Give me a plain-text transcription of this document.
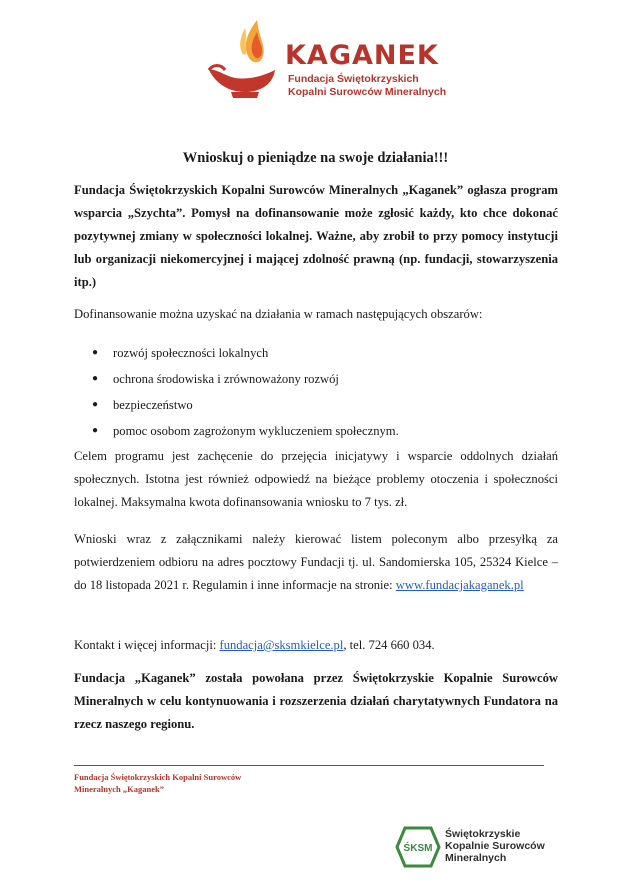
KAGANEK
Fundacja Świętokrzyskich
Kopalni Surowców Mineralnych
Wnioskuj o pieniądze na swoje działania!!!

Fundacja Świętokrzyskich Kopalni Surowców Mineralnych „Kaganek” ogłasza program wsparcia „Szychta”. Pomysł na dofinansowanie może zgłosić każdy, kto chce dokonać pozytywnej zmiany w społeczności lokalnej. Ważne, aby zrobił to przy pomocy instytucji lub organizacji niekomercyjnej i mającej zdolność prawną (np. fundacji, stowarzyszenia itp.)

Dofinansowanie można uzyskać na działania w ramach następujących obszarów:

● rozwój społeczności lokalnych
● ochrona środowiska i zrównoważony rozwój
● bezpieczeństwo
● pomoc osobom zagrożonym wykluczeniem społecznym.

Celem programu jest zachęcenie do przejęcia inicjatywy i wsparcie oddolnych działań społecznych. Istotna jest również odpowiedź na bieżące problemy otoczenia i społeczności lokalnej. Maksymalna kwota dofinansowania wniosku to 7 tys. zł.

Wnioski wraz z załącznikami należy kierować listem poleconym albo przesyłką za potwierdzeniem odbioru na adres pocztowy Fundacji tj. ul. Sandomierska 105, 25324 Kielce – do 18 listopada 2021 r. Regulamin i inne informacje na stronie: www.fundacjakaganek.pl

Kontakt i więcej informacji: fundacja@sksmkielce.pl, tel. 724 660 034.

Fundacja „Kaganek” została powołana przez Świętokrzyskie Kopalnie Surowców Mineralnych w celu kontynuowania i rozszerzenia działań charytatywnych Fundatora na rzecz naszego regionu.

Fundacja Świętokrzyskich Kopalni Surowców
Mineralnych „Kaganek”
ŚKSM
Świętokrzyskie
Kopalnie Surowców
Mineralnych
